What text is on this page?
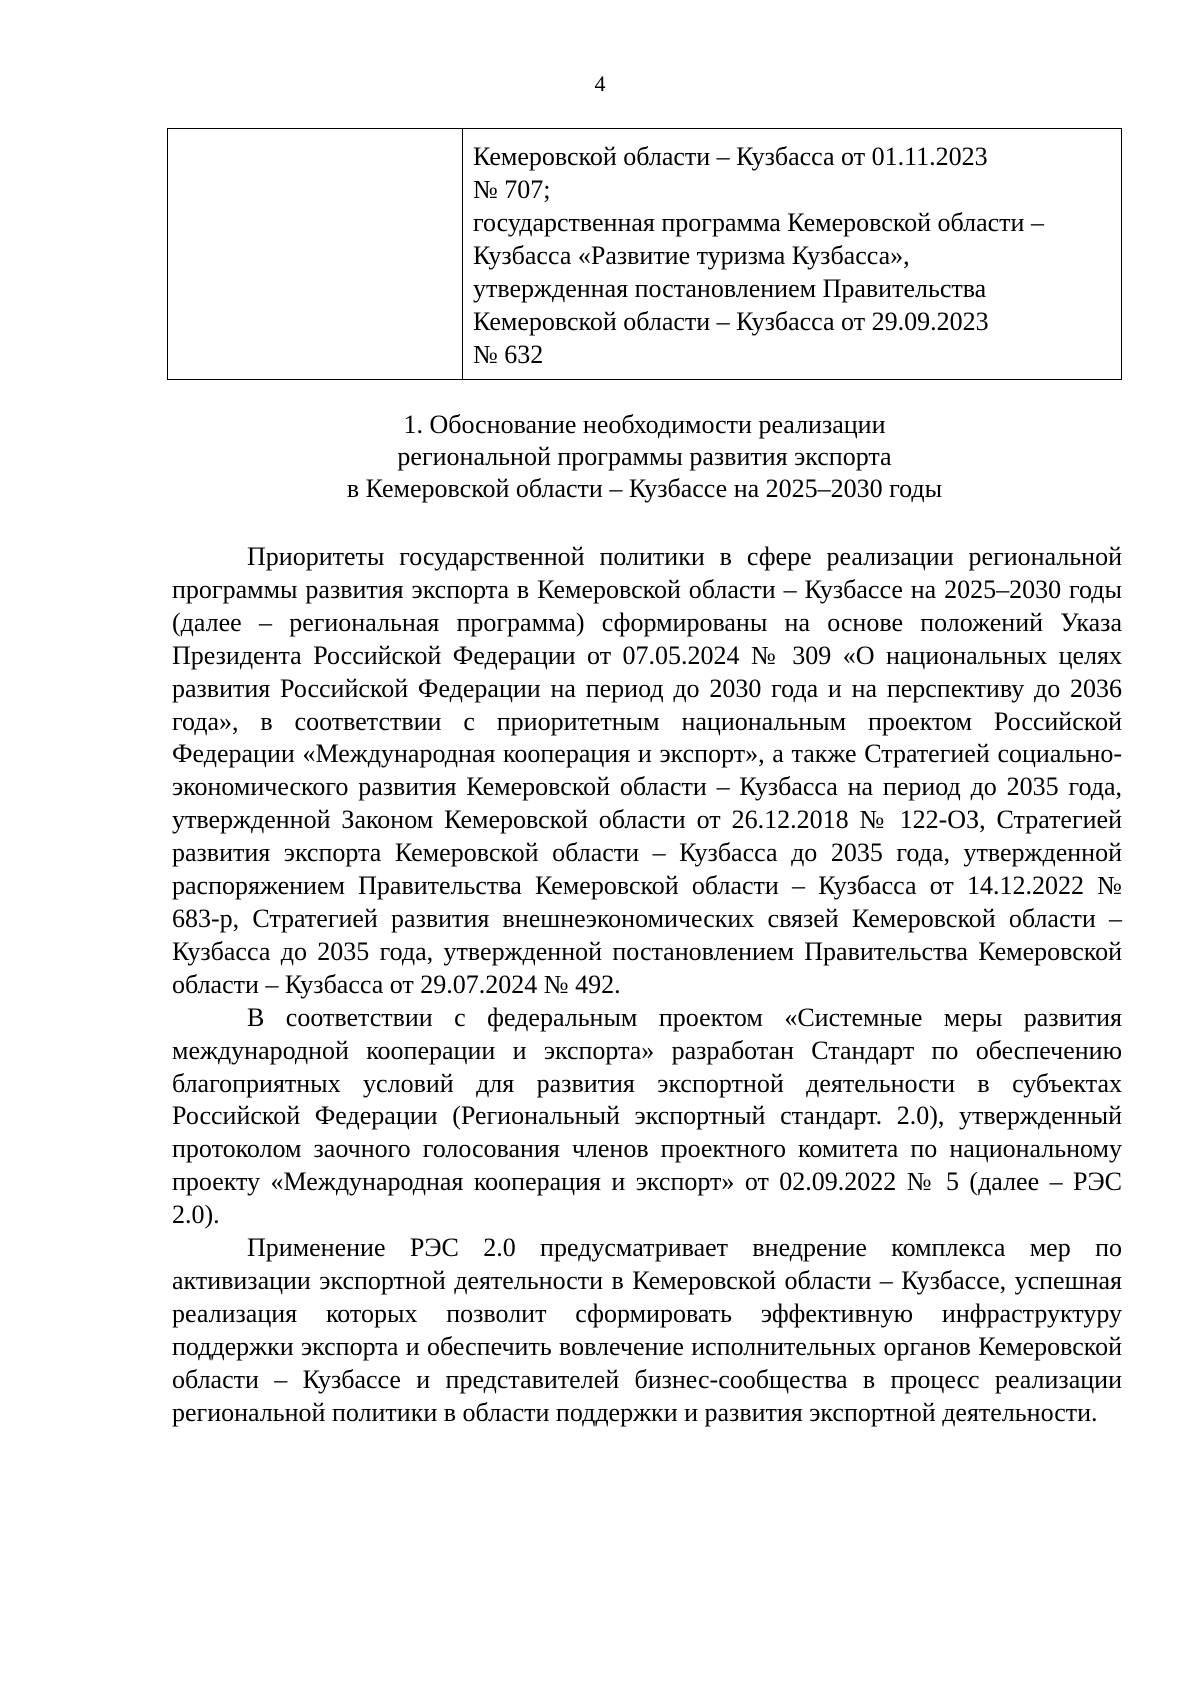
4

Кемеровской области – Кузбасса от 01.11.2023
№ 707;
государственная программа Кемеровской области –
Кузбасса «Развитие туризма Кузбасса»,
утвержденная постановлением Правительства
Кемеровской области – Кузбасса от 29.09.2023
№ 632
1. Обоснование необходимости реализации
региональной программы развития экспорта
в Кемеровской области – Кузбассе на 2025–2030 годы

Приоритеты государственной политики в сфере реализации региональной программы развития экспорта в Кемеровской области – Кузбассе на 2025–2030 годы (далее – региональная программа) сформированы на основе положений Указа Президента Российской Федерации от 07.05.2024 № 309 «О национальных целях развития Российской Федерации на период до 2030 года и на перспективу до 2036 года», в соответствии с приоритетным национальным проектом Российской Федерации «Международная кооперация и экспорт», а также Стратегией социально-экономического развития Кемеровской области – Кузбасса на период до 2035 года, утвержденной Законом Кемеровской области от 26.12.2018 № 122-ОЗ, Стратегией развития экспорта Кемеровской области – Кузбасса до 2035 года, утвержденной распоряжением Правительства Кемеровской области – Кузбасса от 14.12.2022 № 683-р, Стратегией развития внешнеэкономических связей Кемеровской области – Кузбасса до 2035 года, утвержденной постановлением Правительства Кемеровской области – Кузбасса от 29.07.2024 № 492.

В соответствии с федеральным проектом «Системные меры развития международной кооперации и экспорта» разработан Стандарт по обеспечению благоприятных условий для развития экспортной деятельности в субъектах Российской Федерации (Региональный экспортный стандарт. 2.0), утвержденный протоколом заочного голосования членов проектного комитета по национальному проекту «Международная кооперация и экспорт» от 02.09.2022 № 5 (далее – РЭС 2.0).

Применение РЭС 2.0 предусматривает внедрение комплекса мер по активизации экспортной деятельности в Кемеровской области – Кузбассе, успешная реализация которых позволит сформировать эффективную инфраструктуру поддержки экспорта и обеспечить вовлечение исполнительных органов Кемеровской области – Кузбассе и представителей бизнес-сообщества в процесс реализации региональной политики в области поддержки и развития экспортной деятельности.
